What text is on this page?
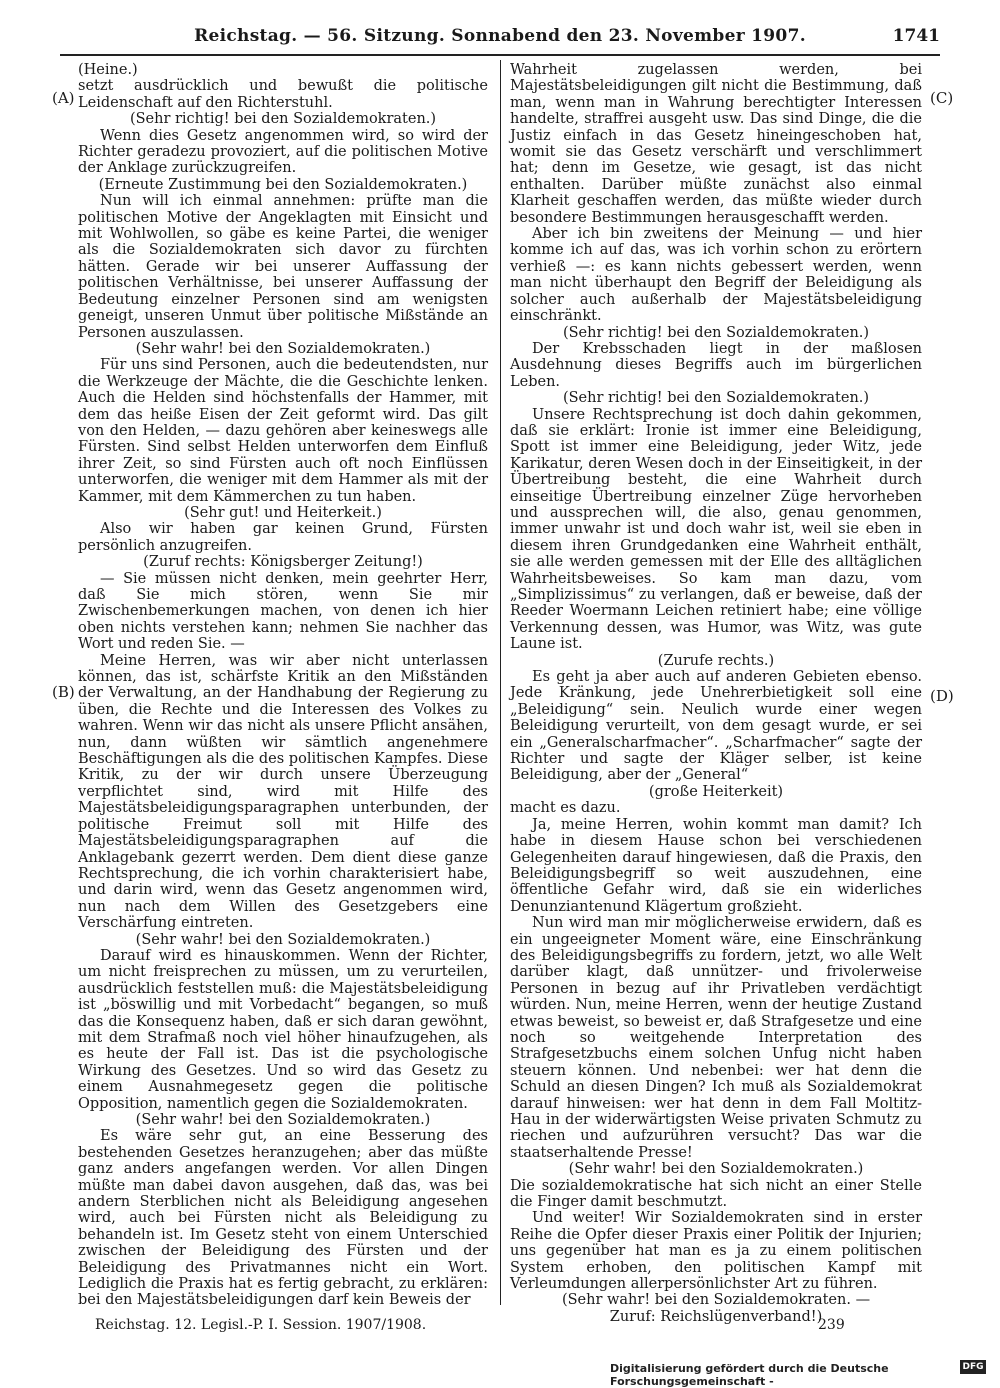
Reichstag. — 56. Sitzung. Sonnabend den 23. November 1907.	1741
(A)
(B)
(C)
(D)

(Heine.)

setzt ausdrücklich und bewußt die politische Leidenschaft auf den Richterstuhl.

(Sehr richtig! bei den Sozialdemokraten.)

Wenn dies Gesetz angenommen wird, so wird der Richter geradezu provoziert, auf die politischen Motive der Anklage zurückzugreifen.

(Erneute Zustimmung bei den Sozialdemokraten.)

Nun will ich einmal annehmen: prüfte man die politischen Motive der Angeklagten mit Einsicht und mit Wohlwollen, so gäbe es keine Partei, die weniger als die Sozialdemokraten sich davor zu fürchten hätten. Gerade wir bei unserer Auffassung der politischen Verhältnisse, bei unserer Auffassung der Bedeutung einzelner Personen sind am wenigsten geneigt, unseren Unmut über politische Mißstände an Personen auszulassen.

(Sehr wahr! bei den Sozialdemokraten.)

Für uns sind Personen, auch die bedeutendsten, nur die Werkzeuge der Mächte, die die Geschichte lenken. Auch die Helden sind höchstenfalls der Hammer, mit dem das heiße Eisen der Zeit geformt wird. Das gilt von den Helden, — dazu gehören aber keineswegs alle Fürsten. Sind selbst Helden unterworfen dem Einfluß ihrer Zeit, so sind Fürsten auch oft noch Einflüssen unterworfen, die weniger mit dem Hammer als mit der Kammer, mit dem Kämmerchen zu tun haben.

(Sehr gut! und Heiterkeit.)

Also wir haben gar keinen Grund, Fürsten persönlich anzugreifen.

(Zuruf rechts: Königsberger Zeitung!)

— Sie müssen nicht denken, mein geehrter Herr, daß Sie mich stören, wenn Sie mir Zwischenbemerkungen machen, von denen ich hier oben nichts verstehen kann; nehmen Sie nachher das Wort und reden Sie. —

Meine Herren, was wir aber nicht unterlassen können, das ist, schärfste Kritik an den Mißständen der Verwaltung, an der Handhabung der Regierung zu üben, die Rechte und die Interessen des Volkes zu wahren. Wenn wir das nicht als unsere Pflicht ansähen, nun, dann wüßten wir sämtlich angenehmere Beschäftigungen als die des politischen Kampfes. Diese Kritik, zu der wir durch unsere Überzeugung verpflichtet sind, wird mit Hilfe des Majestätsbeleidigungsparagraphen unterbunden, der politische Freimut soll mit Hilfe des Majestätsbeleidigungsparagraphen auf die Anklagebank gezerrt werden. Dem dient diese ganze Rechtsprechung, die ich vorhin charakterisiert habe, und darin wird, wenn das Gesetz angenommen wird, nun nach dem Willen des Gesetzgebers eine Verschärfung eintreten.

(Sehr wahr! bei den Sozialdemokraten.)

Darauf wird es hinauskommen. Wenn der Richter, um nicht freisprechen zu müssen, um zu verurteilen, ausdrücklich feststellen muß: die Majestätsbeleidigung ist „böswillig und mit Vorbedacht“ begangen, so muß das die Konsequenz haben, daß er sich daran gewöhnt, mit dem Strafmaß noch viel höher hinaufzugehen, als es heute der Fall ist. Das ist die psychologische Wirkung des Gesetzes. Und so wird das Gesetz zu einem Ausnahmegesetz gegen die politische Opposition, namentlich gegen die Sozialdemokraten.

(Sehr wahr! bei den Sozialdemokraten.)

Es wäre sehr gut, an eine Besserung des bestehenden Gesetzes heranzugehen; aber das müßte ganz anders angefangen werden. Vor allen Dingen müßte man dabei davon ausgehen, daß das, was bei andern Sterblichen nicht als Beleidigung angesehen wird, auch bei Fürsten nicht als Beleidigung zu behandeln ist. Im Gesetz steht von einem Unterschied zwischen der Beleidigung des Fürsten und der Beleidigung des Privatmannes nicht ein Wort. Lediglich die Praxis hat es fertig gebracht, zu erklären: bei den Majestätsbeleidigungen darf kein Beweis der

Wahrheit zugelassen werden, bei Majestätsbeleidigungen gilt nicht die Bestimmung, daß man, wenn man in Wahrung berechtigter Interessen handelte, straffrei ausgeht usw. Das sind Dinge, die die Justiz einfach in das Gesetz hineingeschoben hat, womit sie das Gesetz verschärft und verschlimmert hat; denn im Gesetze, wie gesagt, ist das nicht enthalten. Darüber müßte zunächst also einmal Klarheit geschaffen werden, das müßte wieder durch besondere Bestimmungen herausgeschafft werden.

Aber ich bin zweitens der Meinung — und hier komme ich auf das, was ich vorhin schon zu erörtern verhieß —: es kann nichts gebessert werden, wenn man nicht überhaupt den Begriff der Beleidigung als solcher auch außerhalb der Majestätsbeleidigung einschränkt.

(Sehr richtig! bei den Sozialdemokraten.)

Der Krebsschaden liegt in der maßlosen Ausdehnung dieses Begriffs auch im bürgerlichen Leben.

(Sehr richtig! bei den Sozialdemokraten.)

Unsere Rechtsprechung ist doch dahin gekommen, daß sie erklärt: Ironie ist immer eine Beleidigung, Spott ist immer eine Beleidigung, jeder Witz, jede Karikatur, deren Wesen doch in der Einseitigkeit, in der Übertreibung besteht, die eine Wahrheit durch einseitige Übertreibung einzelner Züge hervorheben und aussprechen will, die also, genau genommen, immer unwahr ist und doch wahr ist, weil sie eben in diesem ihren Grundgedanken eine Wahrheit enthält, sie alle werden gemessen mit der Elle des alltäglichen Wahrheitsbeweises. So kam man dazu, vom „Simplizissimus“ zu verlangen, daß er beweise, daß der Reeder Woermann Leichen retiniert habe; eine völlige Verkennung dessen, was Humor, was Witz, was gute Laune ist.

(Zurufe rechts.)

Es geht ja aber auch auf anderen Gebieten ebenso. Jede Kränkung, jede Unehrerbietigkeit soll eine „Beleidigung“ sein. Neulich wurde einer wegen Beleidigung verurteilt, von dem gesagt wurde, er sei ein „Generalscharfmacher“. „Scharfmacher“ sagte der Richter und sagte der Kläger selber, ist keine Beleidigung, aber der „General“

(große Heiterkeit)

macht es dazu.

Ja, meine Herren, wohin kommt man damit? Ich habe in diesem Hause schon bei verschiedenen Gelegenheiten darauf hingewiesen, daß die Praxis, den Beleidigungsbegriff so weit auszudehnen, eine öffentliche Gefahr wird, daß sie ein widerliches Denunziantenund Klägertum großzieht.

Nun wird man mir möglicherweise erwidern, daß es ein ungeeigneter Moment wäre, eine Einschränkung des Beleidigungsbegriffs zu fordern, jetzt, wo alle Welt darüber klagt, daß unnützer- und frivolerweise Personen in bezug auf ihr Privatleben verdächtigt würden. Nun, meine Herren, wenn der heutige Zustand etwas beweist, so beweist er, daß Strafgesetze und eine noch so weitgehende Interpretation des Strafgesetzbuchs einem solchen Unfug nicht haben steuern können. Und nebenbei: wer hat denn die Schuld an diesen Dingen? Ich muß als Sozialdemokrat darauf hinweisen: wer hat denn in dem Fall Moltitz-Hau in der widerwärtigsten Weise privaten Schmutz zu riechen und aufzurühren versucht? Das war die staatserhaltende Presse!

(Sehr wahr! bei den Sozialdemokraten.)

Die sozialdemokratische hat sich nicht an einer Stelle die Finger damit beschmutzt.

Und weiter! Wir Sozialdemokraten sind in erster Reihe die Opfer dieser Praxis einer Politik der Injurien; uns gegenüber hat man es ja zu einem politischen System erhoben, den politischen Kampf mit Verleumdungen allerpersönlichster Art zu führen.

(Sehr wahr! bei den Sozialdemokraten. —

Zuruf: Reichslügenverband!)

Reichstag. 12. Legisl.-P. I. Session. 1907/1908.	239
Digitalisierung gefördert durch die Deutsche Forschungsgemeinschaft -
DFG
